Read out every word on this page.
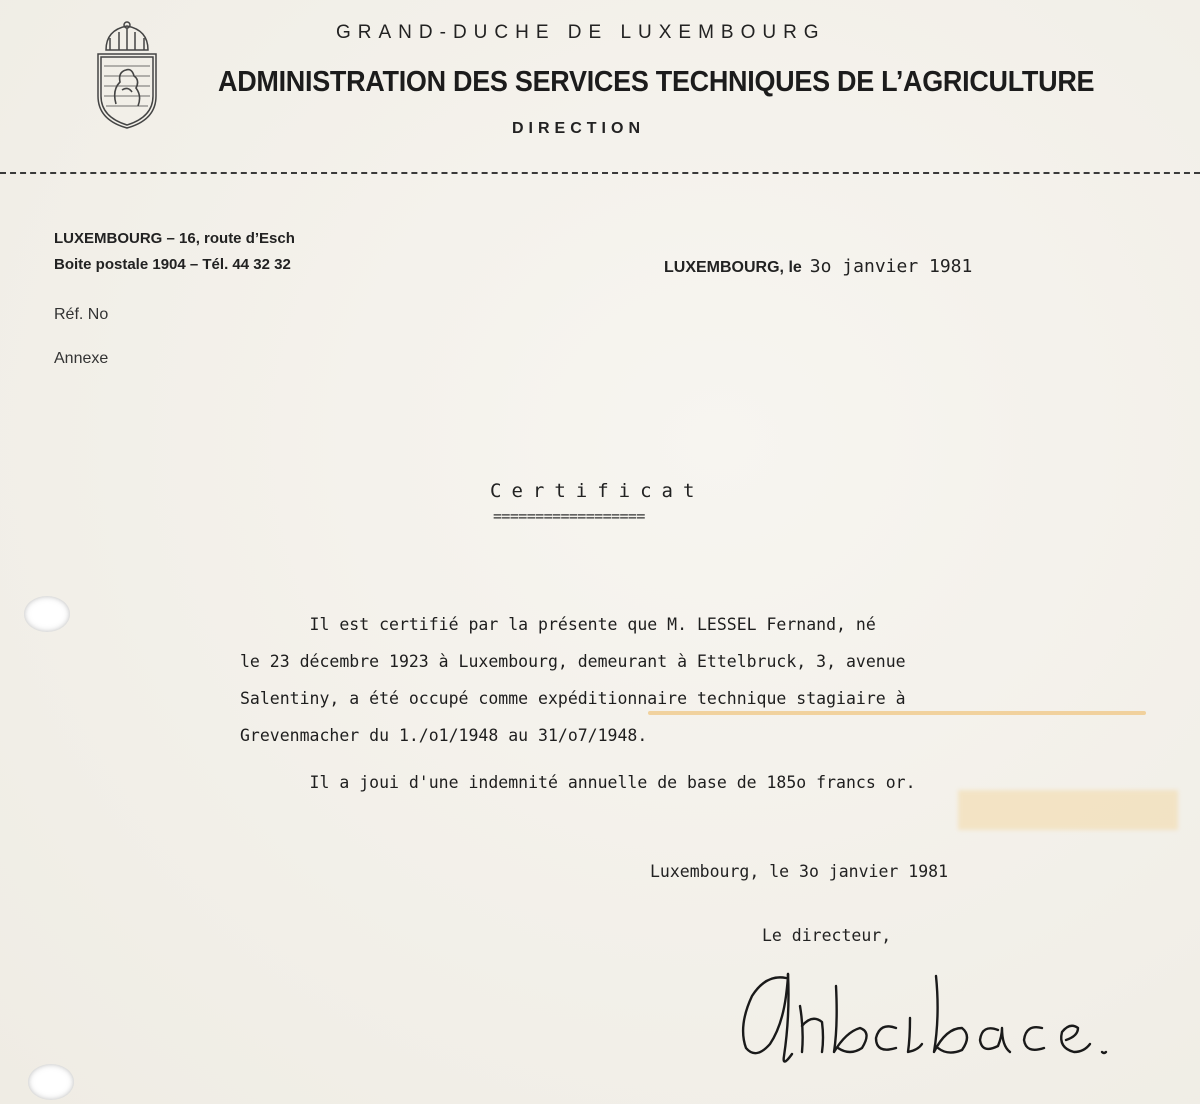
GRAND-DUCHE DE LUXEMBOURG
ADMINISTRATION DES SERVICES TECHNIQUES DE L’AGRICULTURE
DIRECTION
LUXEMBOURG – 16, route d’Esch
Boite postale 1904 – Tél. 44 32 32
Réf. No
Annexe
LUXEMBOURG, le 3o janvier 1981
Certificat
==================

Il est certifié par la présente que M. LESSEL Fernand, né

le 23 décembre 1923 à Luxembourg, demeurant à Ettelbruck, 3, avenue

Salentiny, a été occupé comme expéditionnaire technique stagiaire à

Grevenmacher du 1./o1/1948 au 31/o7/1948.

Il a joui d'une indemnité annuelle de base de 185o francs or.

Luxembourg, le 3o janvier 1981
Le directeur,
